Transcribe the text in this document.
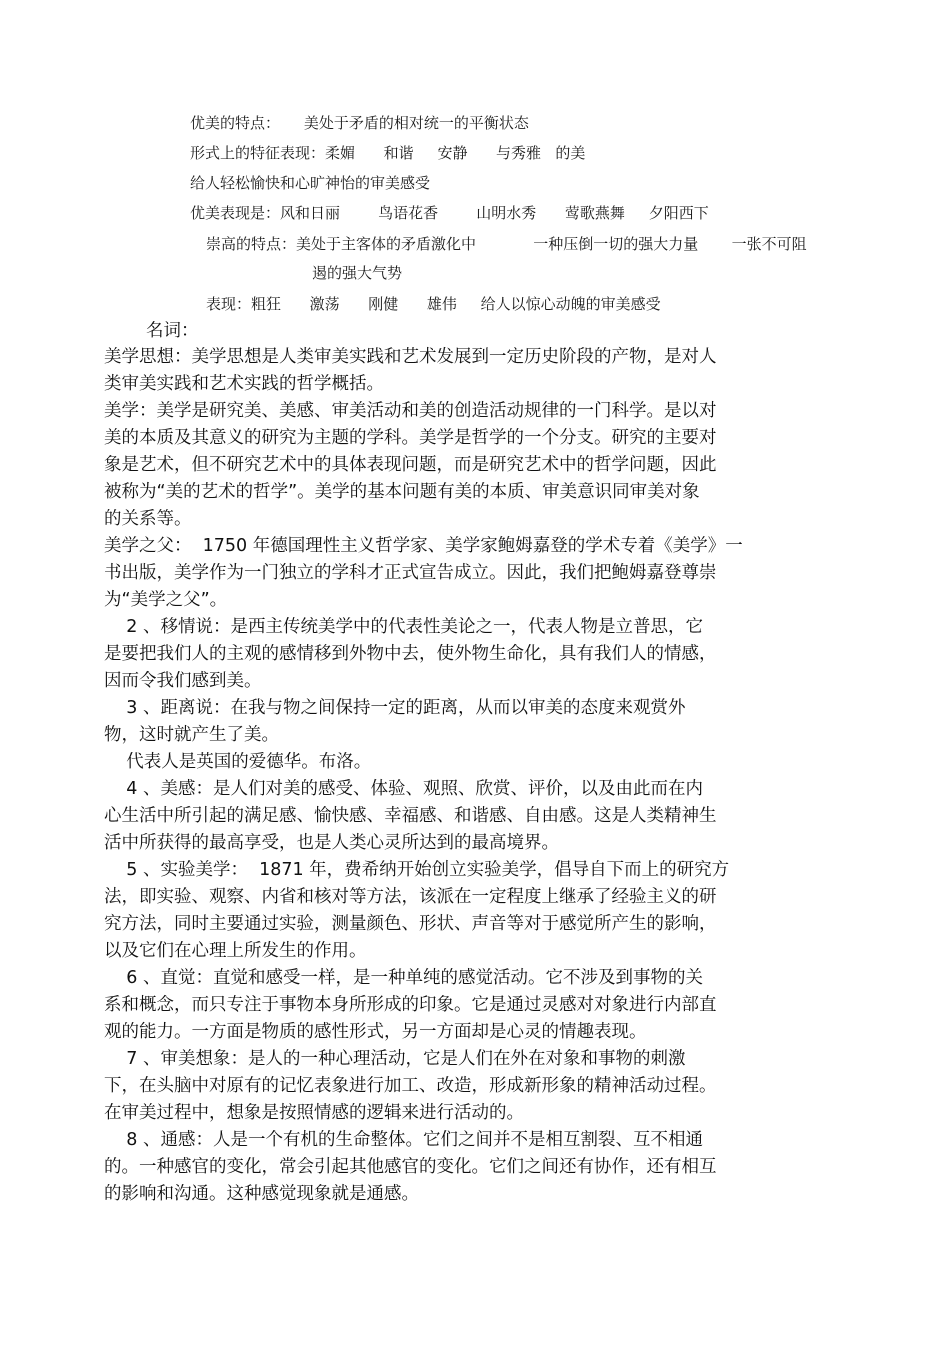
优美的特点：     美处于矛盾的相对统一的平衡状态
形式上的特征表现：柔媚      和谐     安静      与秀雅   的美
给人轻松愉快和心旷神怡的审美感受
优美表现是：风和日丽        鸟语花香        山明水秀      莺歌燕舞     夕阳西下
崇高的特点：美处于主客体的矛盾激化中            一种压倒一切的强大力量       一张不可阻
遏的强大气势
表现：粗狂      激荡      刚健      雄伟     给人以惊心动魄的审美感受
名词：
美学思想：美学思想是人类审美实践和艺术发展到一定历史阶段的产物，是对人
类审美实践和艺术实践的哲学概括。
美学：美学是研究美、美感、审美活动和美的创造活动规律的一门科学。是以对
美的本质及其意义的研究为主题的学科。美学是哲学的一个分支。研究的主要对
象是艺术，但不研究艺术中的具体表现问题，而是研究艺术中的哲学问题，因此
被称为“美的艺术的哲学”。美学的基本问题有美的本质、审美意识同审美对象
的关系等。
美学之父：  1750 年德国理性主义哲学家、美学家鲍姆嘉登的学术专着《美学》一
书出版，美学作为一门独立的学科才正式宣告成立。因此，我们把鲍姆嘉登尊崇
为“美学之父”。
2 、移情说：是西主传统美学中的代表性美论之一，代表人物是立普思，它
是要把我们人的主观的感情移到外物中去，使外物生命化，具有我们人的情感，
因而令我们感到美。
3 、距离说：在我与物之间保持一定的距离，从而以审美的态度来观赏外
物，这时就产生了美。
代表人是英国的爱德华。布洛。
4 、美感：是人们对美的感受、体验、观照、欣赏、评价，以及由此而在内
心生活中所引起的满足感、愉快感、幸福感、和谐感、自由感。这是人类精神生
活中所获得的最高享受，也是人类心灵所达到的最高境界。
5 、实验美学：  1871 年，费希纳开始创立实验美学，倡导自下而上的研究方
法，即实验、观察、内省和核对等方法，该派在一定程度上继承了经验主义的研
究方法，同时主要通过实验，测量颜色、形状、声音等对于感觉所产生的影响，
以及它们在心理上所发生的作用。
6 、直觉：直觉和感受一样，是一种单纯的感觉活动。它不涉及到事物的关
系和概念，而只专注于事物本身所形成的印象。它是通过灵感对对象进行内部直
观的能力。一方面是物质的感性形式，另一方面却是心灵的情趣表现。
7 、审美想象：是人的一种心理活动，它是人们在外在对象和事物的刺激
下，在头脑中对原有的记忆表象进行加工、改造，形成新形象的精神活动过程。
在审美过程中，想象是按照情感的逻辑来进行活动的。
8 、通感：人是一个有机的生命整体。它们之间并不是相互割裂、互不相通
的。一种感官的变化，常会引起其他感官的变化。它们之间还有协作，还有相互
的影响和沟通。这种感觉现象就是通感。
